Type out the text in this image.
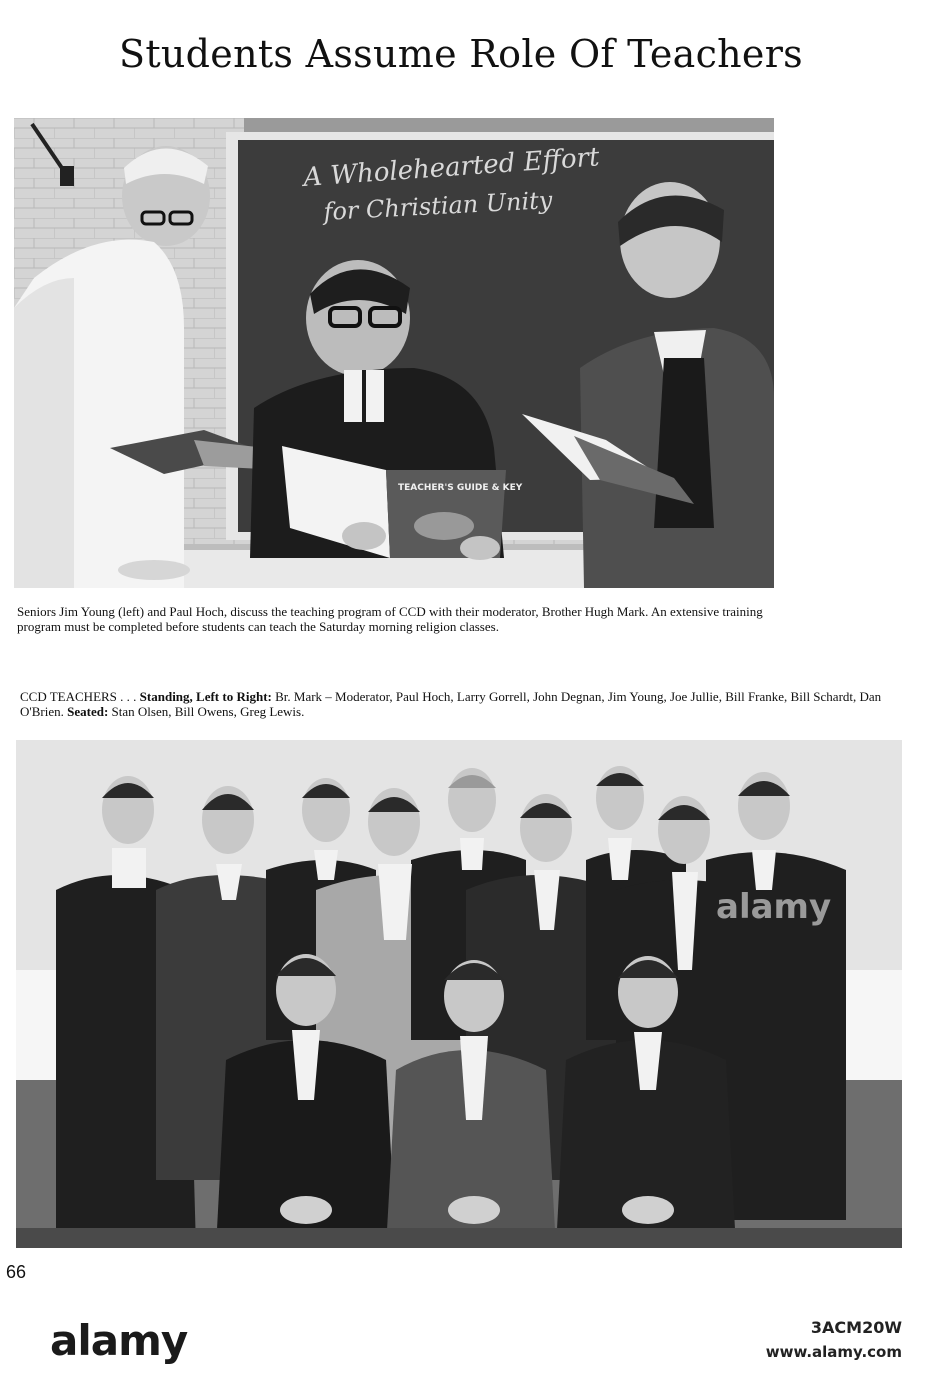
Students Assume Role Of Teachers
A Wholehearted Effort
for Christian Unity
TEACHER'S GUIDE & KEY

Seniors Jim Young (left) and Paul Hoch, discuss the teaching program of CCD with their moderator, Brother Hugh Mark. An extensive training program must be completed before students can teach the Saturday morning religion classes.

CCD TEACHERS . . . Standing, Left to Right: Br. Mark – Moderator, Paul Hoch, Larry Gorrell, John Degnan, Jim Young, Joe Jullie, Bill Franke, Bill Schardt, Dan O'Brien. Seated: Stan Olsen, Bill Owens, Greg Lewis.

alamy
66
alamy	3ACM20W
www.alamy.com
